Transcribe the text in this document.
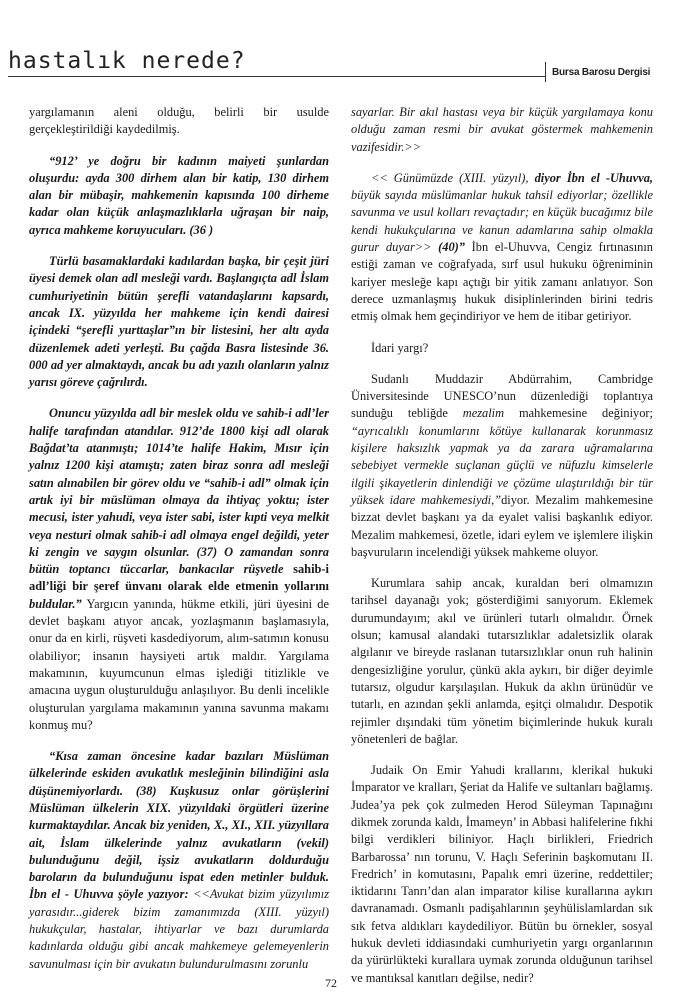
hastalık nerede?	Bursa Barosu Dergisi

yargılamanın aleni olduğu, belirli bir usulde gerçekleştirildiği kaydedilmiş.

“912’ ye doğru bir kadının maiyeti şunlardan oluşurdu: ayda 300 dirhem alan bir katip, 130 dirhem alan bir mübaşir, mahkemenin kapısında 100 dirheme kadar olan küçük anlaşmazlıklarla uğraşan bir naip, ayrıca mahkeme koruyucuları. (36 )

Türlü basamaklardaki kadılardan başka, bir çeşit jüri üyesi demek olan adl mesleği vardı. Başlangıçta adl İslam cumhuriyetinin bütün şerefli vatandaşlarını kapsardı, ancak IX. yüzyılda her mahkeme için kendi dairesi içindeki “şerefli yurttaşlar”ın bir listesini, her altı ayda düzenlemek adeti yerleşti. Bu çağda Basra listesinde 36. 000 ad yer almaktaydı, ancak bu adı yazılı olanların yalnız yarısı göreve çağrılırdı.

Onuncu yüzyılda adl bir meslek oldu ve sahib-i adl’ler halife tarafından atandılar. 912’de 1800 kişi adl olarak Bağdat’ta atanmıştı; 1014’te halife Hakim, Mısır için yalnız 1200 kişi atamıştı; zaten biraz sonra adl mesleği satın alınabilen bir görev oldu ve “sahib-i adl” olmak için artık iyi bir müslüman olmaya da ihtiyaç yoktu; ister mecusi, ister yahudi, veya ister sabi, ister kıpti veya melkit veya nesturi olmak sahib-i adl olmaya engel değildi, yeter ki zengin ve saygın olsunlar. (37) O zamandan sonra bütün toptancı tüccarlar, bankacılar rüşvetle sahib-i adl’liği bir şeref ünvanı olarak elde etmenin yollarını buldular.” Yargıcın yanında, hükme etkili, jüri üyesini de devlet başkanı atıyor ancak, yozlaşmanın başlamasıyla, onur da en kirli, rüşveti kasdediyorum, alım-satımın konusu olabiliyor; insanın haysiyeti artık maldır. Yargılama makamının, kuyumcunun elmas işlediği titizlikle ve amacına uygun oluşturulduğu anlaşılıyor. Bu denli incelikle oluşturulan yargılama makamının yanına savunma makamı konmuş mu?

“Kısa zaman öncesine kadar bazıları Müslüman ülkelerinde eskiden avukatlık mesleğinin bilindiğini asla düşünemiyorlardı. (38) Kuşkusuz onlar görüşlerini Müslüman ülkelerin XIX. yüzyıldaki örgütleri üzerine kurmaktaydılar. Ancak biz yeniden, X., XI., XII. yüzyıllara ait, İslam ülkelerinde yalnız avukatların (vekil) bulunduğunu değil, işsiz avukatların doldurduğu baroların da bulunduğunu ispat eden metinler bulduk. İbn el - Uhuvva şöyle yazıyor: <<Avukat bizim yüzyılımız yarasıdır...giderek bizim zamanımızda (XIII. yüzyıl) hukukçular, hastalar, ihtiyarlar ve bazı durumlarda kadınlarda olduğu gibi ancak mahkemeye gelemeyenlerin savunulması için bir avukatın bulundurulmasını zorunlu

sayarlar. Bir akıl hastası veya bir küçük yargılamaya konu olduğu zaman resmi bir avukat göstermek mahkemenin vazifesidir.>>

<< Günümüzde (XIII. yüzyıl), diyor İbn el -Uhuvva, büyük sayıda müslümanlar hukuk tahsil ediyorlar; özellikle savunma ve usul kolları revaçtadır; en küçük bucağımız bile kendi hukukçularına ve kanun adamlarına sahip olmakla gurur duyar>> (40)” İbn el-Uhuvva, Cengiz fırtınasının estiği zaman ve coğrafyada, sırf usul hukuku öğreniminin kariyer mesleğe kapı açtığı bir yitik zamanı anlatıyor. Son derece uzmanlaşmış hukuk disiplinlerinden birini tedris etmiş olmak hem geçindiriyor ve hem de itibar getiriyor.

İdari yargı?

Sudanlı Muddazir Abdürrahim, Cambridge Üniversitesinde UNESCO’nun düzenlediği toplantıya sunduğu tebliğde mezalim mahkemesine değiniyor; “ayrıcalıklı konumlarını kötüye kullanarak korunmasız kişilere haksızlık yapmak ya da zarara uğramalarına sebebiyet vermekle suçlanan güçlü ve nüfuzlu kimselerle ilgili şikayetlerin dinlendiği ve çözüme ulaştırıldığı bir tür yüksek idare mahkemesiydi,”diyor. Mezalim mahkemesine bizzat devlet başkanı ya da eyalet valisi başkanlık ediyor. Mezalim mahkemesi, özetle, idari eylem ve işlemlere ilişkin başvuruların incelendiği yüksek mahkeme oluyor.

Kurumlara sahip ancak, kuraldan beri olmamızın tarihsel dayanağı yok; gösterdiğimi sanıyorum. Eklemek durumundayım; akıl ve ürünleri tutarlı olmalıdır. Örnek olsun; kamusal alandaki tutarsızlıklar adaletsizlik olarak algılanır ve bireyde raslanan tutarsızlıklar onun ruh halinin dengesizliğine yorulur, çünkü akla aykırı, bir diğer deyimle tutarsız, olgudur karşılaşılan. Hukuk da aklın ürünüdür ve tutarlı, en azından şekli anlamda, eşitçi olmalıdır. Despotik rejimler dışındaki tüm yönetim biçimlerinde hukuk kuralı yönetenleri de bağlar.

Judaik On Emir Yahudi krallarını, klerikal hukuki İmparator ve kralları, Şeriat da Halife ve sultanları bağlamış. Judea’ya pek çok zulmeden Herod Süleyman Tapınağını dikmek zorunda kaldı, İmameyn’ in Abbasi halifelerine fıkhi bilgi verdikleri biliniyor. Haçlı birlikleri, Friedrich Barbarossa’ nın torunu, V. Haçlı Seferinin başkomutanı II. Fredrich’ in komutasını, Papalık emri üzerine, reddettiler; iktidarını Tanrı’dan alan imparator kilise kurallarına aykırı davranamadı. Osmanlı padişahlarının şeyhülislamlardan sık sık fetva aldıkları kaydediliyor. Bütün bu örnekler, sosyal hukuk devleti iddiasındaki cumhuriyetin yargı organlarının da yürürlükteki kurallara uymak zorunda olduğunun tarihsel ve mantıksal kanıtları değilse, nedir?

72
